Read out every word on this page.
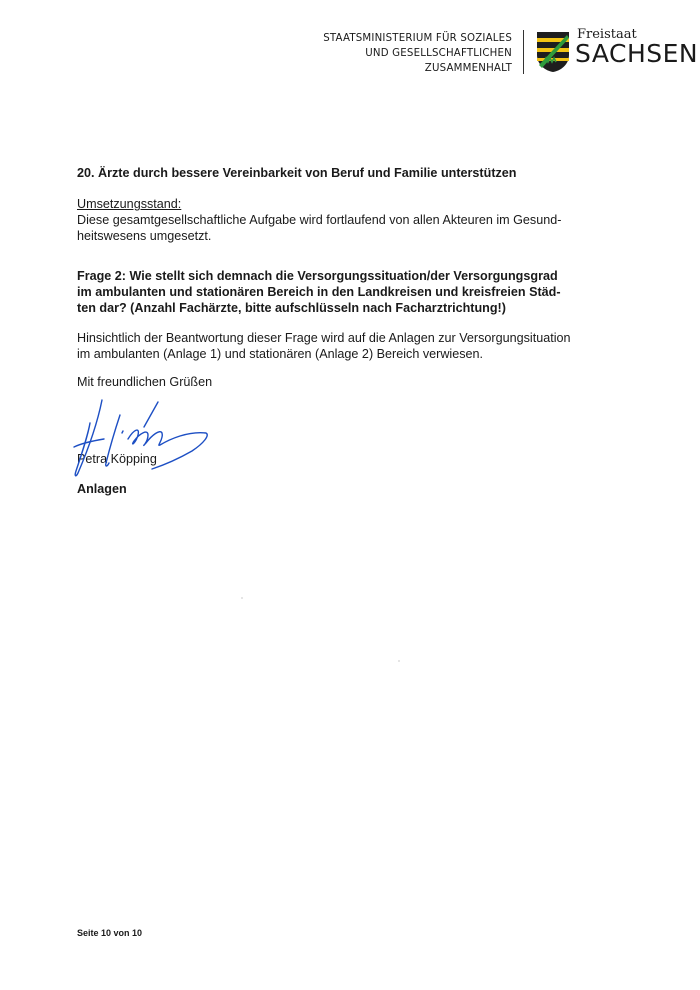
STAATSMINISTERIUM FÜR SOZIALES
UND GESELLSCHAFTLICHEN
ZUSAMMENHALT
Freistaat
SACHSEN

20. Ärzte durch bessere Vereinbarkeit von Beruf und Familie unterstützen

Umsetzungsstand:

Diese gesamtgesellschaftliche Aufgabe wird fortlaufend von allen Akteuren im Gesund-

heitswesens umgesetzt.

Frage 2: Wie stellt sich demnach die Versorgungssituation/der Versorgungsgrad

im ambulanten und stationären Bereich in den Landkreisen und kreisfreien Städ-

ten dar? (Anzahl Fachärzte, bitte aufschlüsseln nach Facharztrichtung!)

Hinsichtlich der Beantwortung dieser Frage wird auf die Anlagen zur Versorgungsituation

im ambulanten (Anlage 1) und stationären (Anlage 2) Bereich verwiesen.

Mit freundlichen Grüßen

Petra Köpping

Anlagen

Seite 10 von 10
